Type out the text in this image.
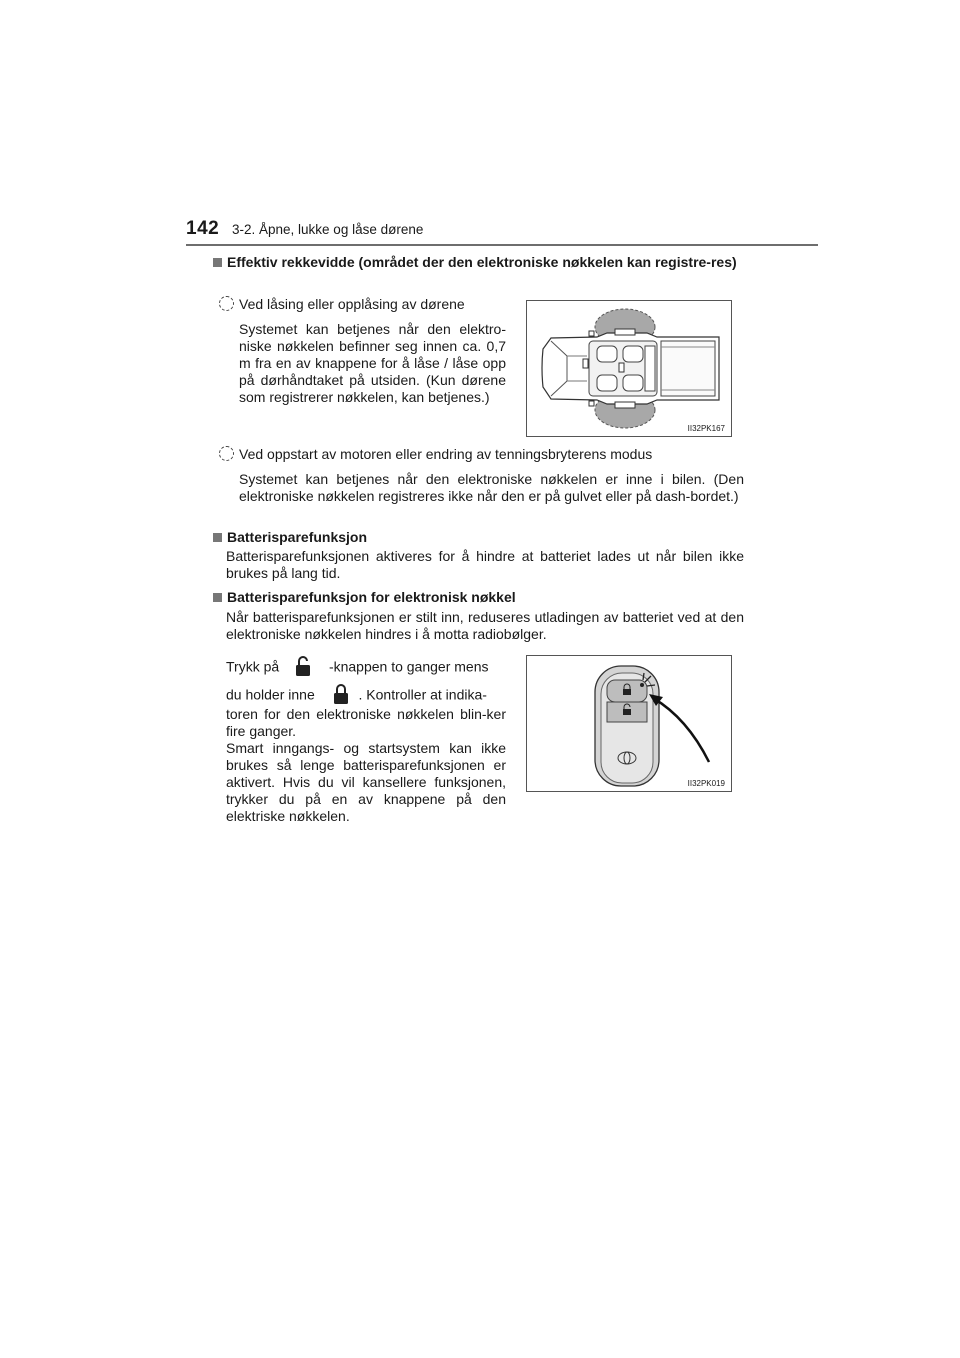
142 3-2. Åpne, lukke og låse dørene
Effektiv rekkevidde (området der den elektroniske nøkkelen kan registre-res)
Ved låsing eller opplåsing av dørene
Systemet kan betjenes når den elektro-niske nøkkelen befinner seg innen ca. 0,7 m fra en av knappene for å låse / låse opp på dørhåndtaket på utsiden. (Kun dørene som registrerer nøkkelen, kan betjenes.)
II32PK167
Ved oppstart av motoren eller endring av tenningsbryterens modus
Systemet kan betjenes når den elektroniske nøkkelen er inne i bilen. (Den elektroniske nøkkelen registreres ikke når den er på gulvet eller på dash-bordet.)
Batterisparefunksjon
Batterisparefunksjonen aktiveres for å hindre at batteriet lades ut når bilen ikke brukes på lang tid.
Batterisparefunksjon for elektronisk nøkkel
Når batterisparefunksjonen er stilt inn, reduseres utladingen av batteriet ved at den elektroniske nøkkelen hindres i å motta radiobølger.
Trykk på	-knappen to ganger mens
du holder inne	. Kontroller at indika-
toren for den elektroniske nøkkelen blin-ker fire ganger.
Smart inngangs- og startsystem kan ikke brukes så lenge batterisparefunksjonen er aktivert. Hvis du vil kansellere funksjonen, trykker du på en av knappene på den elektriske nøkkelen.
II32PK019
